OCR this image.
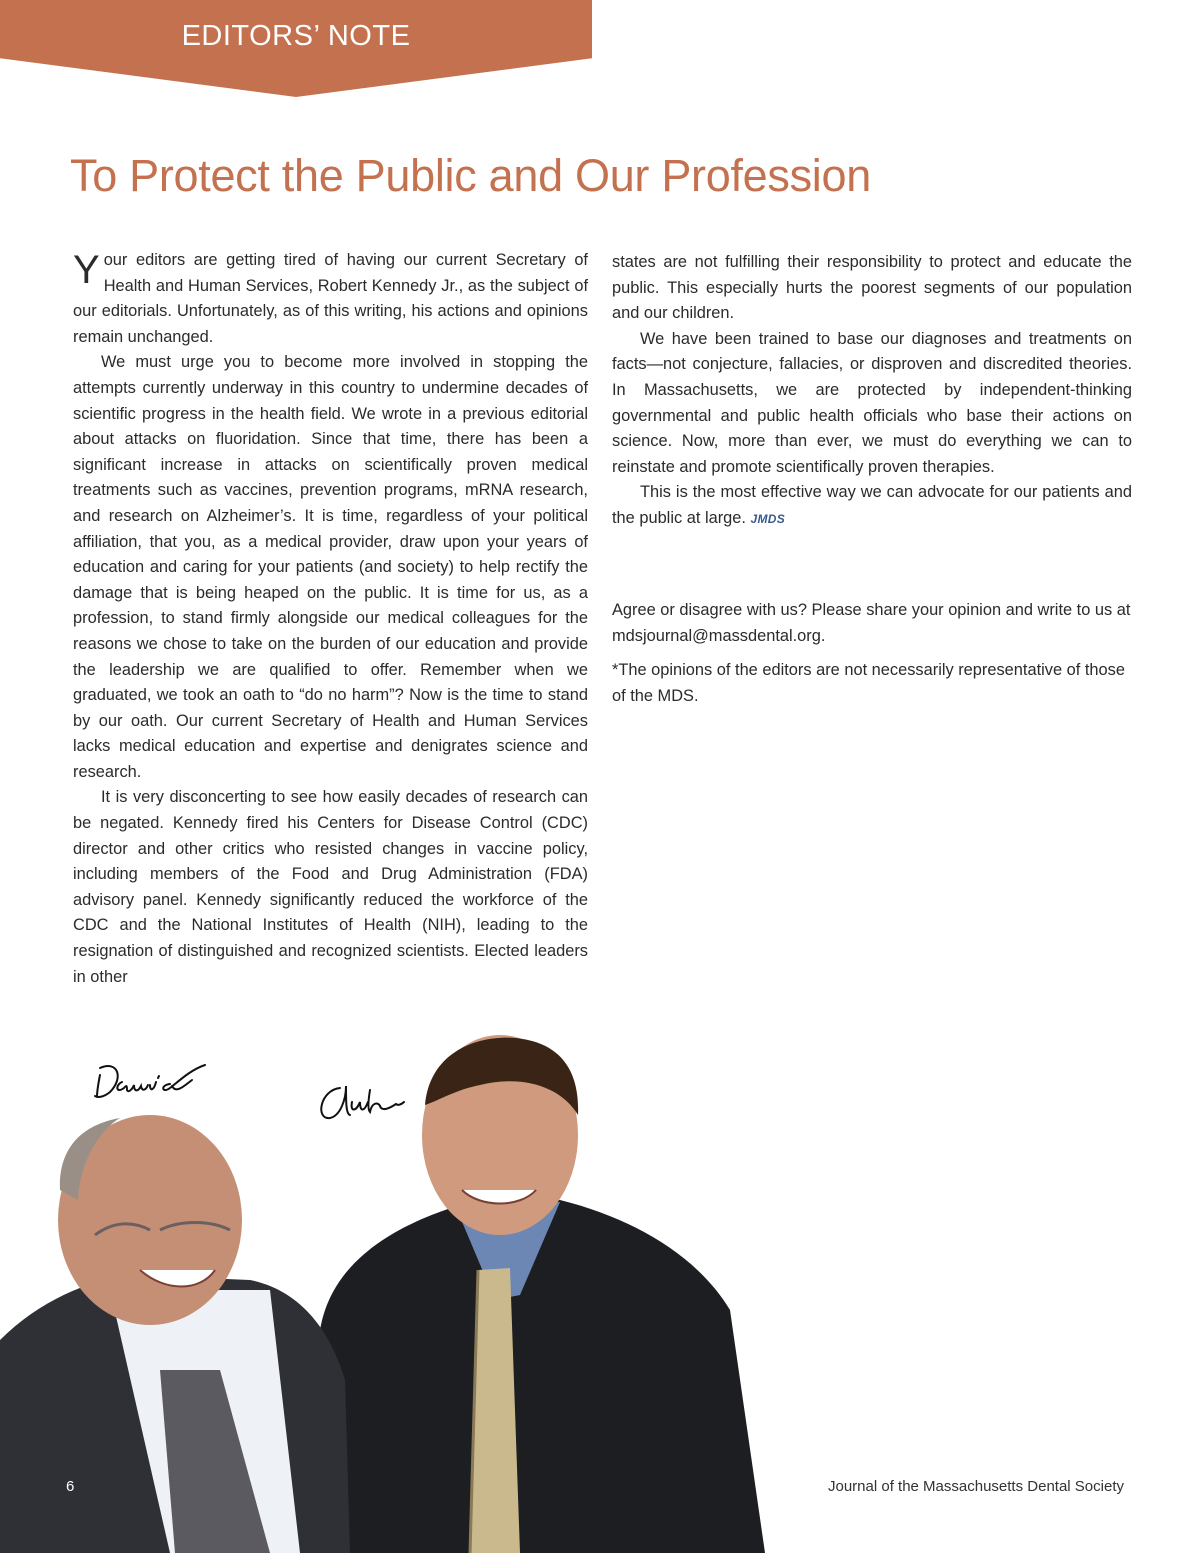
EDITORS’ NOTE
To Protect the Public and Our Profession

Your editors are getting tired of having our current Secretary of Health and Human Services, Robert Kennedy Jr., as the subject of our editorials. Unfortunately, as of this writing, his actions and opinions remain unchanged.

We must urge you to become more involved in stopping the attempts currently underway in this country to undermine decades of scientific progress in the health field. We wrote in a previous editorial about attacks on fluoridation. Since that time, there has been a significant increase in attacks on scientifically proven medical treatments such as vaccines, prevention programs, mRNA research, and research on Alzheimer’s. It is time, regardless of your political affiliation, that you, as a medical provider, draw upon your years of education and caring for your patients (and society) to help rectify the damage that is being heaped on the public. It is time for us, as a profession, to stand firmly alongside our medical colleagues for the reasons we chose to take on the burden of our education and provide the leadership we are qualified to offer. Remember when we graduated, we took an oath to “do no harm”? Now is the time to stand by our oath. Our current Secretary of Health and Human Services lacks medical education and expertise and denigrates science and research.

It is very disconcerting to see how easily decades of research can be negated. Kennedy fired his Centers for Disease Control (CDC) director and other critics who resisted changes in vaccine policy, including members of the Food and Drug Administration (FDA) advisory panel. Kennedy significantly reduced the workforce of the CDC and the National Institutes of Health (NIH), leading to the resignation of distinguished and recognized scientists. Elected leaders in other

states are not fulfilling their responsibility to protect and educate the public. This especially hurts the poorest segments of our population and our children.

We have been trained to base our diagnoses and treatments on facts—not conjecture, fallacies, or disproven and discredited theories. In Massachusetts, we are protected by independent-thinking governmental and public health officials who base their actions on science. Now, more than ever, we must do everything we can to reinstate and promote scientifically proven therapies.

This is the most effective way we can advocate for our patients and the public at large. JMDS

Agree or disagree with us? Please share your opinion and write to us at mdsjournal@massdental.org.

*The opinions of the editors are not necessarily representative of those of the MDS.

6	Journal of the Massachusetts Dental Society
